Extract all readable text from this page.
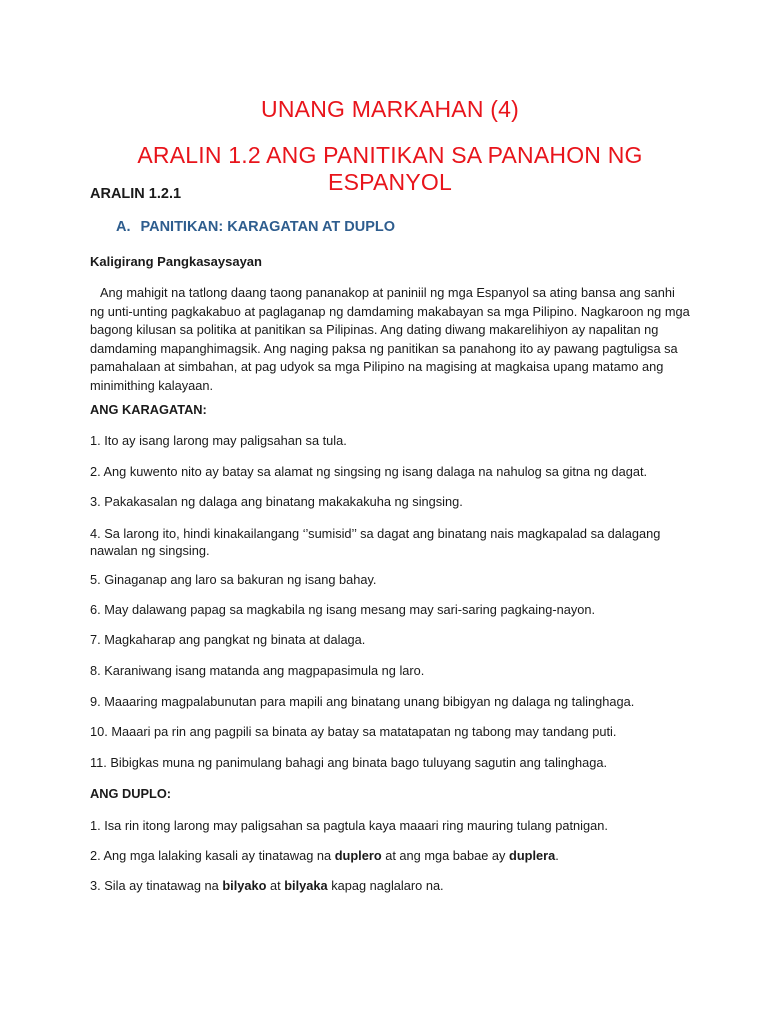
UNANG MARKAHAN (4)
ARALIN 1.2 ANG PANITIKAN SA PANAHON NG ESPANYOL
ARALIN 1.2.1
A. PANITIKAN: KARAGATAN AT DUPLO
Kaligirang Pangkasaysayan
Ang mahigit na tatlong daang taong pananakop at paniniil ng mga Espanyol sa ating bansa ang sanhi ng unti-unting pagkakabuo at paglaganap ng damdaming makabayan sa mga Pilipino. Nagkaroon ng mga bagong kilusan sa politika at panitikan sa Pilipinas. Ang dating diwang makarelihiyon ay napalitan ng damdaming mapanghimagsik. Ang naging paksa ng panitikan sa panahong ito ay pawang pagtuligsa sa pamahalaan at simbahan, at pag udyok sa mga Pilipino na magising at magkaisa upang matamo ang minimithing kalayaan.
ANG KARAGATAN:
1. Ito ay isang larong may paligsahan sa tula.
2. Ang kuwento nito ay batay sa alamat ng singsing ng isang dalaga na nahulog sa gitna ng dagat.
3. Pakakasalan ng dalaga ang binatang makakakuha ng singsing.
4. Sa larong ito, hindi kinakailangang ‘’sumisid’’ sa dagat ang binatang nais magkapalad sa dalagang nawalan ng singsing.
5. Ginaganap ang laro sa bakuran ng isang bahay.
6. May dalawang papag sa magkabila ng isang mesang may sari-saring pagkaing-nayon.
7. Magkaharap ang pangkat ng binata at dalaga.
8. Karaniwang isang matanda ang magpapasimula ng laro.
9. Maaaring magpalabunutan para mapili ang binatang unang bibigyan ng dalaga ng talinghaga.
10. Maaari pa rin ang pagpili sa binata ay batay sa matatapatan ng tabong may tandang puti.
11. Bibigkas muna ng panimulang bahagi ang binata bago tuluyang sagutin ang talinghaga.
ANG DUPLO:
1. Isa rin itong larong may paligsahan sa pagtula kaya maaari ring mauring tulang patnigan.
2. Ang mga lalaking kasali ay tinatawag na duplero at ang mga babae ay duplera.
3. Sila ay tinatawag na bilyako at bilyaka kapag naglalaro na.
